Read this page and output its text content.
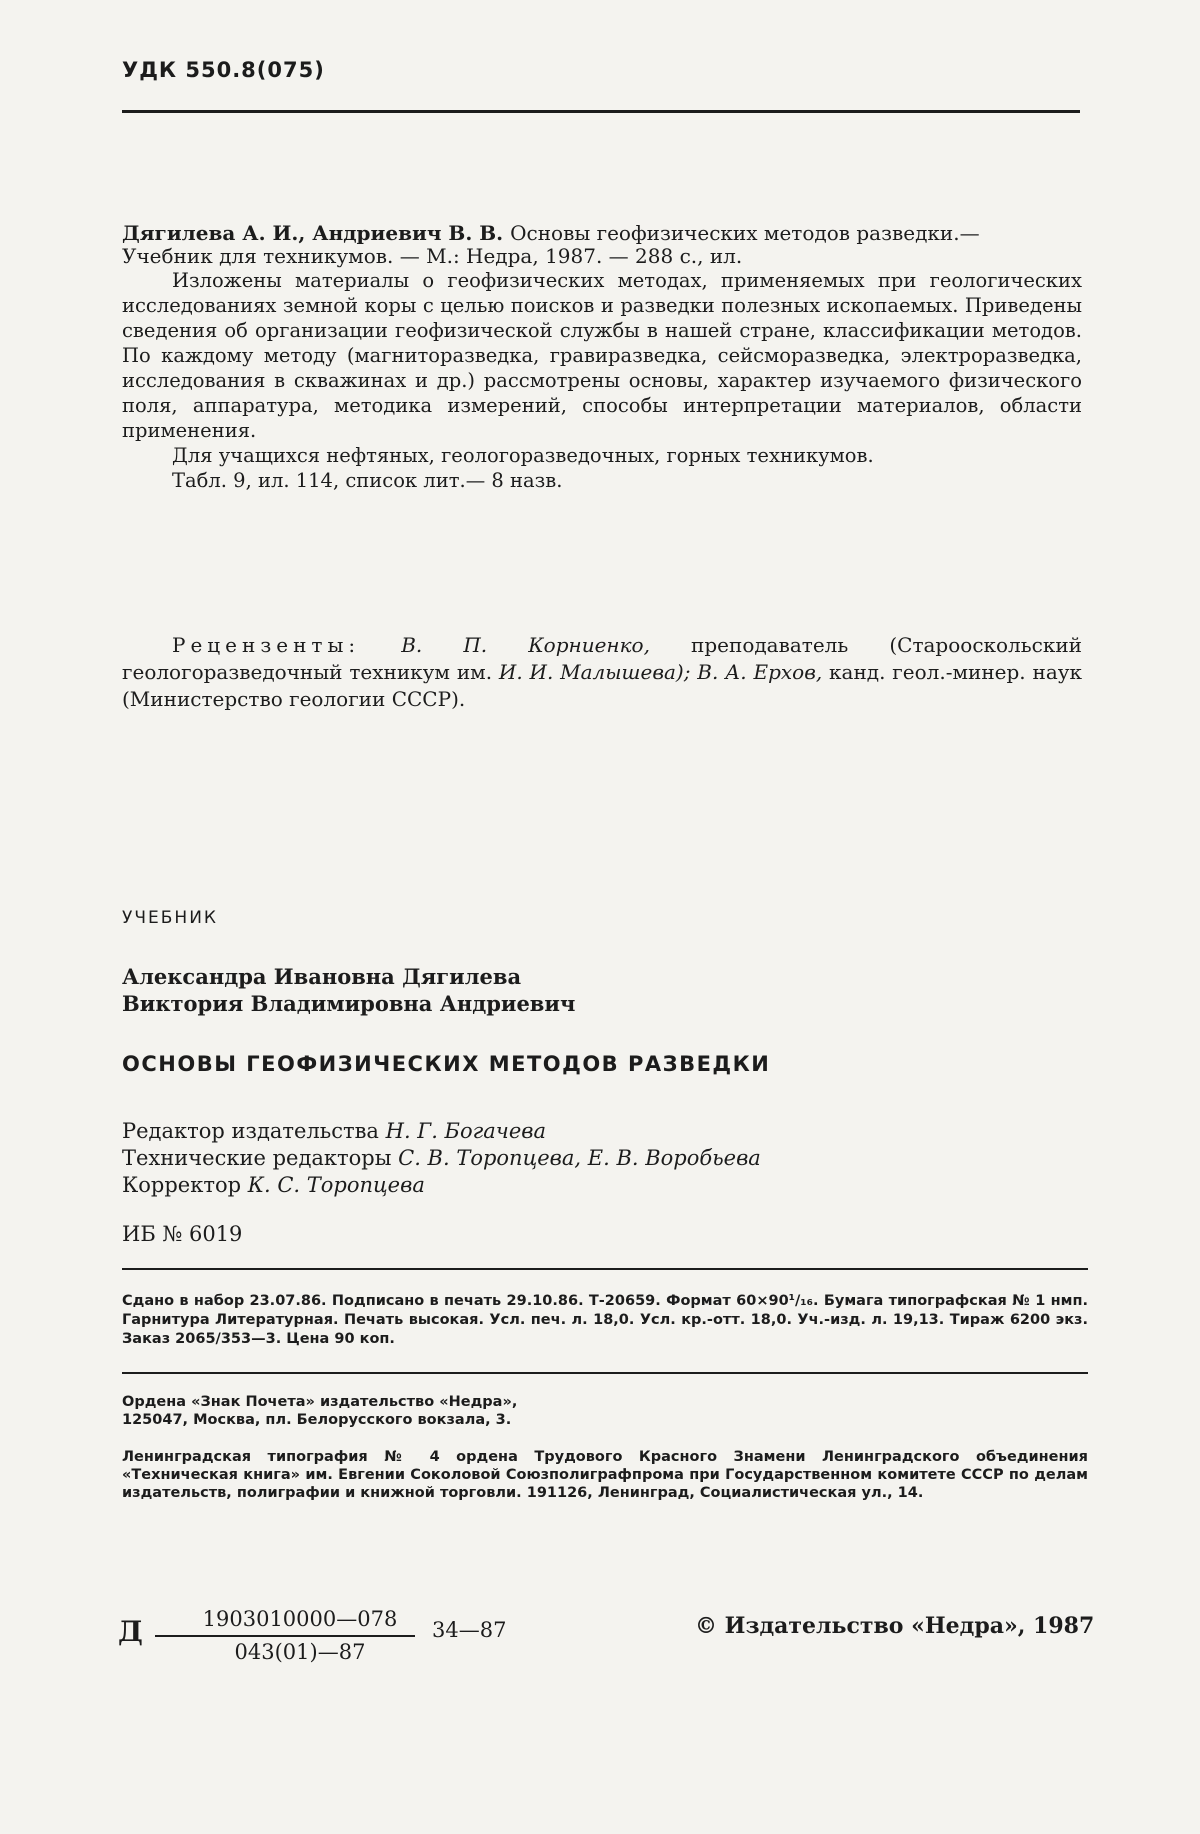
УДК 550.8(075)
Дягилева А. И., Андриевич В. В. Основы геофизических методов разведки.—
Учебник для техникумов. — М.: Недра, 1987. — 288 с., ил.

Изложены материалы о геофизических методах, применяемых при геологических исследованиях земной коры с целью поисков и разведки полезных ископаемых. Приведены сведения об организации геофизической службы в нашей стране, классификации методов. По каждому методу (магниторазведка, гравиразведка, сейсморазведка, электроразведка, исследования в скважинах и др.) рассмотрены основы, характер изучаемого физического поля, аппаратура, методика измерений, способы интерпретации материалов, области применения.

Для учащихся нефтяных, геологоразведочных, горных техникумов.

Табл. 9, ил. 114, список лит.— 8 назв.

Рецензенты: В. П. Корниенко, преподаватель (Старооскольский геологоразведочный техникум им. И. И. Малышева); В. А. Ерхов, канд. геол.-минер. наук (Министерство геологии СССР).
УЧЕБНИК
Александра Ивановна Дягилева
Виктория Владимировна Андриевич
ОСНОВЫ ГЕОФИЗИЧЕСКИХ МЕТОДОВ РАЗВЕДКИ
Редактор издательства Н. Г. Богачева
Технические редакторы С. В. Торопцева, Е. В. Воробьева
Корректор К. С. Торопцева
ИБ № 6019
Сдано в набор 23.07.86. Подписано в печать 29.10.86. Т-20659. Формат 60×90¹/₁₆. Бумага типографская № 1 нмп. Гарнитура Литературная. Печать высокая. Усл. печ. л. 18,0. Усл. кр.-отт. 18,0. Уч.-изд. л. 19,13. Тираж 6200 экз. Заказ 2065/353—3. Цена 90 коп.
Ордена «Знак Почета» издательство «Недра»,
125047, Москва, пл. Белорусского вокзала, 3.
Ленинградская типография № 4 ордена Трудового Красного Знамени Ленинградского объединения «Техническая книга» им. Евгении Соколовой Союзполиграфпрома при Государственном комитете СССР по делам издательств, полиграфии и книжной торговли. 191126, Ленинград, Социалистическая ул., 14.
Д	1903010000—078
043(01)—87
34—87	© Издательство «Недра», 1987
